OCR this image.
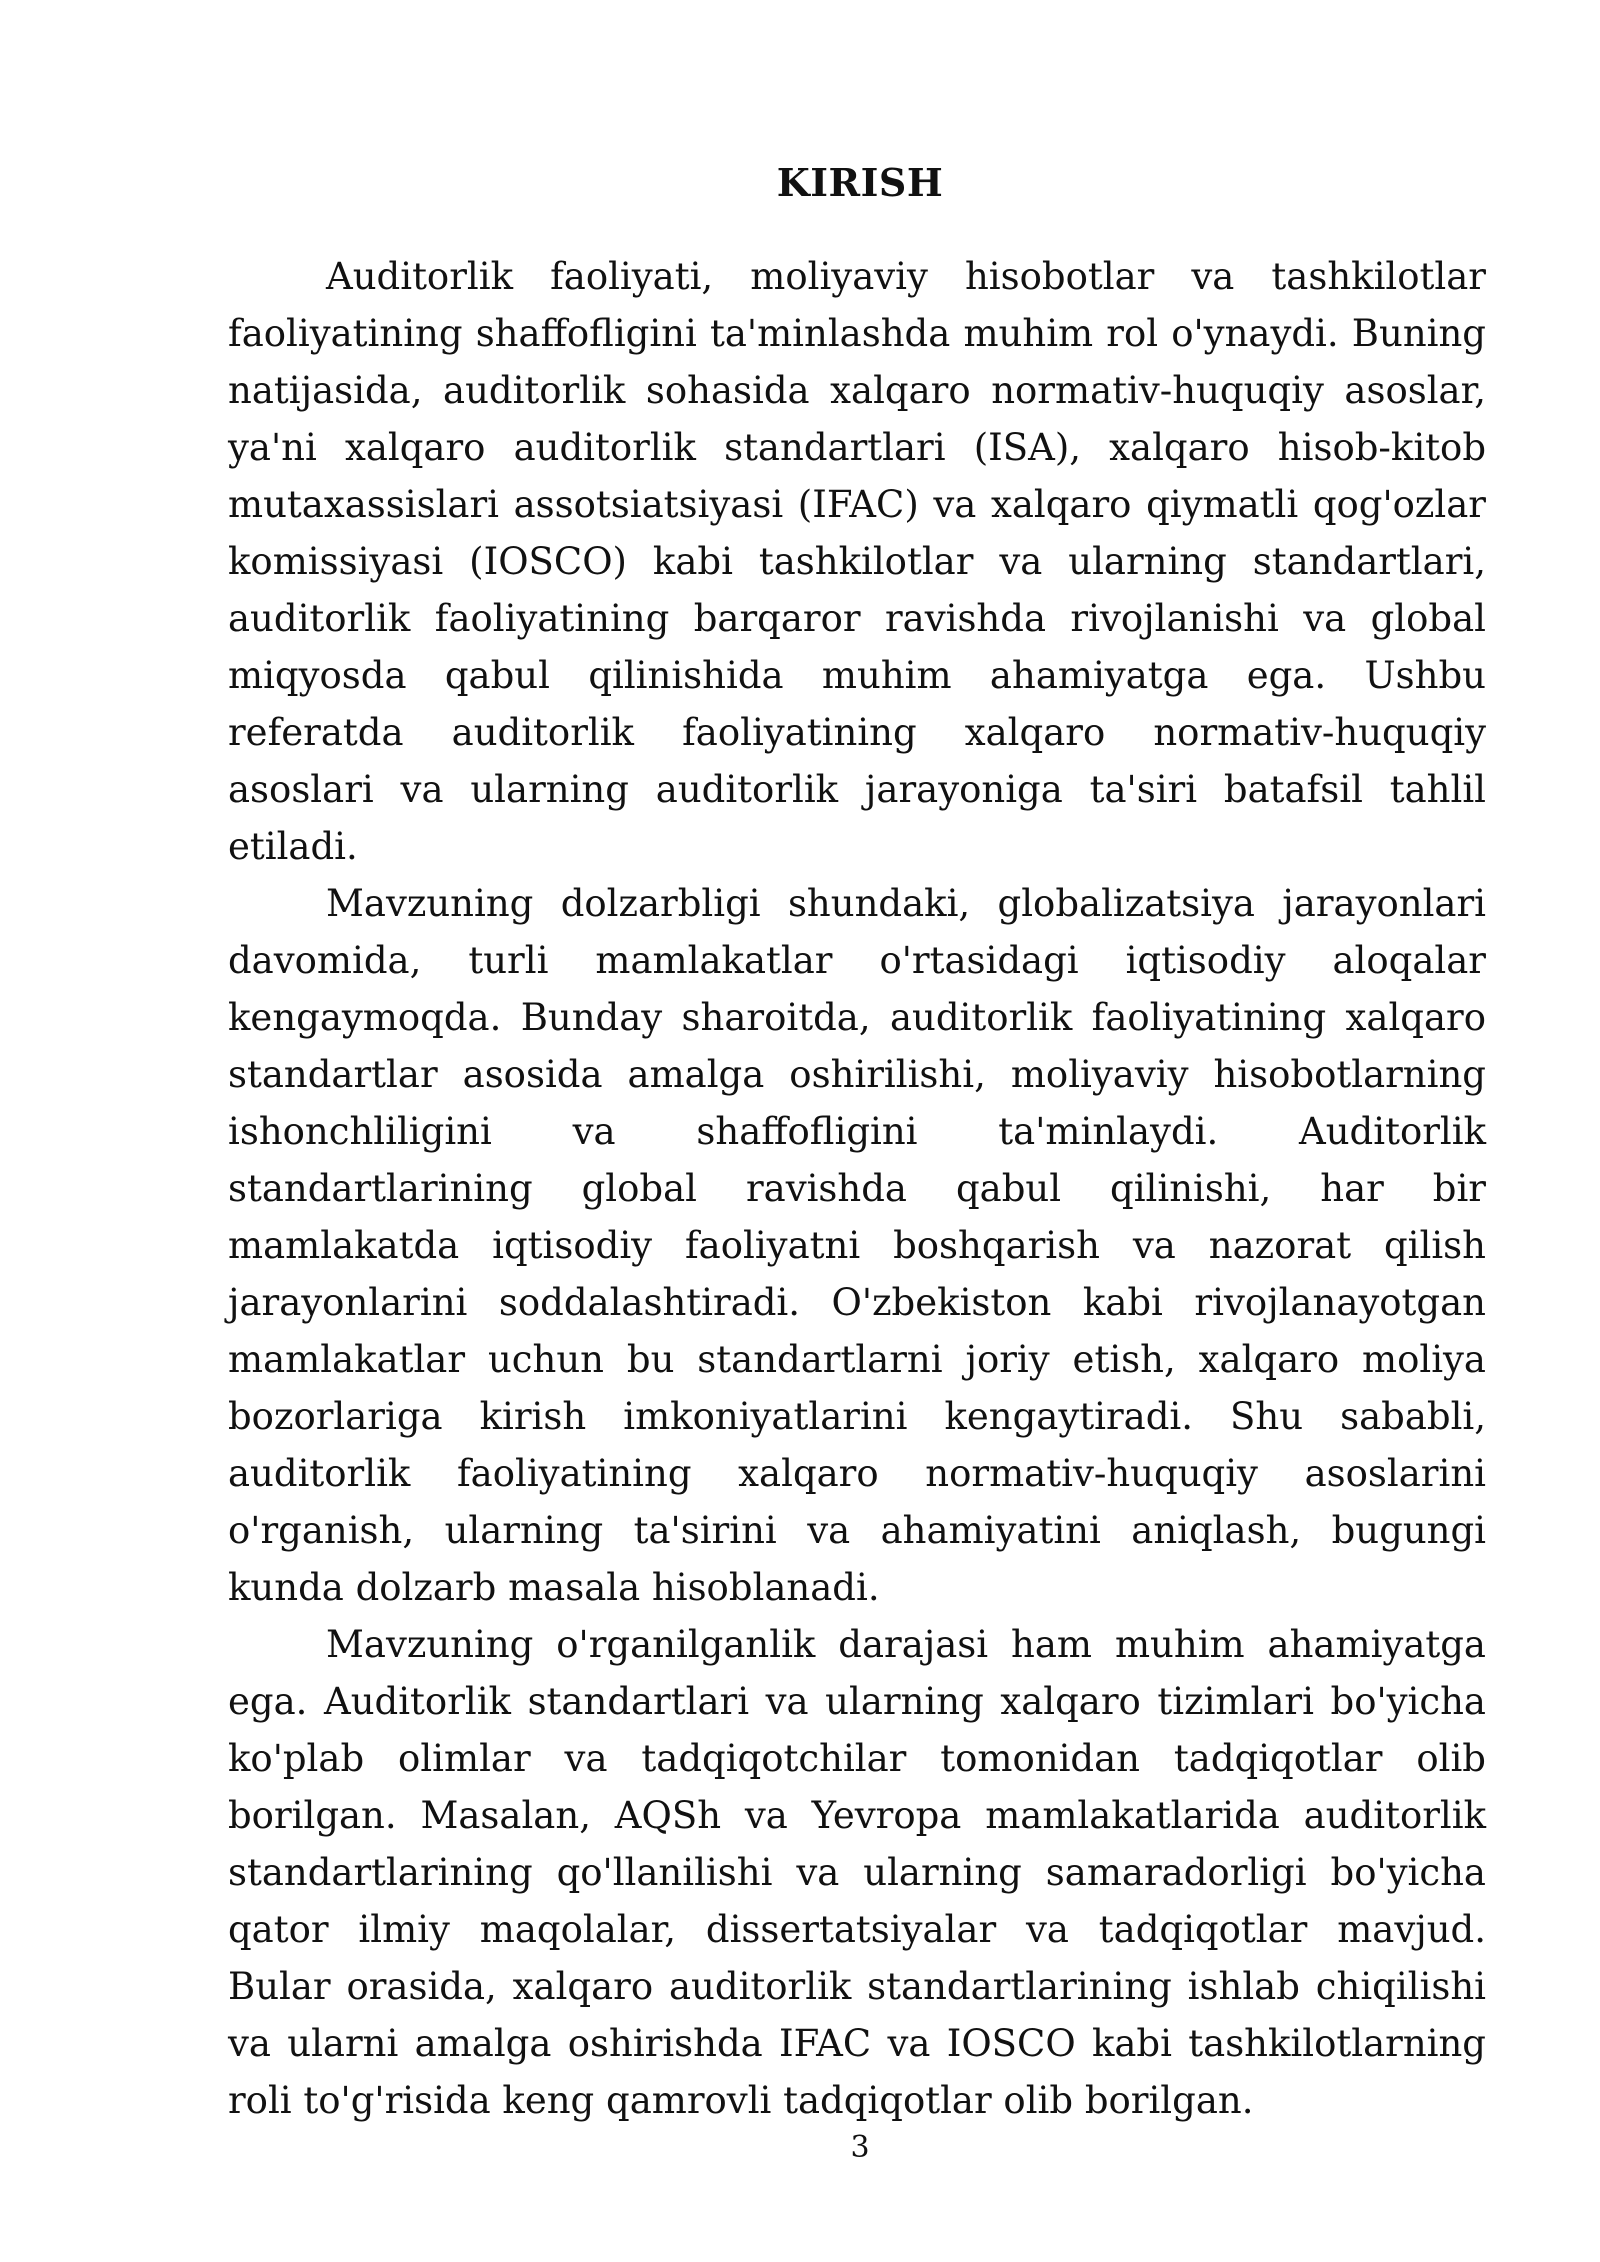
KIRISH

Auditorlik faoliyati, moliyaviy hisobotlar va tashkilotlar faoliyatining shaffofligini ta'minlashda muhim rol o'ynaydi. Buning natijasida, auditorlik sohasida xalqaro normativ-huquqiy asoslar, ya'ni xalqaro auditorlik standartlari (ISA), xalqaro hisob-kitob mutaxassislari assotsiatsiyasi (IFAC) va xalqaro qiymatli qog'ozlar komissiyasi (IOSCO) kabi tashkilotlar va ularning standartlari, auditorlik faoliyatining barqaror ravishda rivojlanishi va global miqyosda qabul qilinishida muhim ahamiyatga ega. Ushbu referatda auditorlik faoliyatining xalqaro normativ-huquqiy asoslari va ularning auditorlik jarayoniga ta'siri batafsil tahlil etiladi.

Mavzuning dolzarbligi shundaki, globalizatsiya jarayonlari davomida, turli mamlakatlar o'rtasidagi iqtisodiy aloqalar kengaymoqda. Bunday sharoitda, auditorlik faoliyatining xalqaro standartlar asosida amalga oshirilishi, moliyaviy hisobotlarning ishonchliligini va shaffofligini ta'minlaydi. Auditorlik standartlarining global ravishda qabul qilinishi, har bir mamlakatda iqtisodiy faoliyatni boshqarish va nazorat qilish jarayonlarini soddalashtiradi. O'zbekiston kabi rivojlanayotgan mamlakatlar uchun bu standartlarni joriy etish, xalqaro moliya bozorlariga kirish imkoniyatlarini kengaytiradi. Shu sababli, auditorlik faoliyatining xalqaro normativ-huquqiy asoslarini o'rganish, ularning ta'sirini va ahamiyatini aniqlash, bugungi kunda dolzarb masala hisoblanadi.

Mavzuning o'rganilganlik darajasi ham muhim ahamiyatga ega. Auditorlik standartlari va ularning xalqaro tizimlari bo'yicha ko'plab olimlar va tadqiqotchilar tomonidan tadqiqotlar olib borilgan. Masalan, AQSh va Yevropa mamlakatlarida auditorlik standartlarining qo'llanilishi va ularning samaradorligi bo'yicha qator ilmiy maqolalar, dissertatsiyalar va tadqiqotlar mavjud. Bular orasida, xalqaro auditorlik standartlarining ishlab chiqilishi va ularni amalga oshirishda IFAC va IOSCO kabi tashkilotlarning roli to'g'risida keng qamrovli tadqiqotlar olib borilgan.

3
